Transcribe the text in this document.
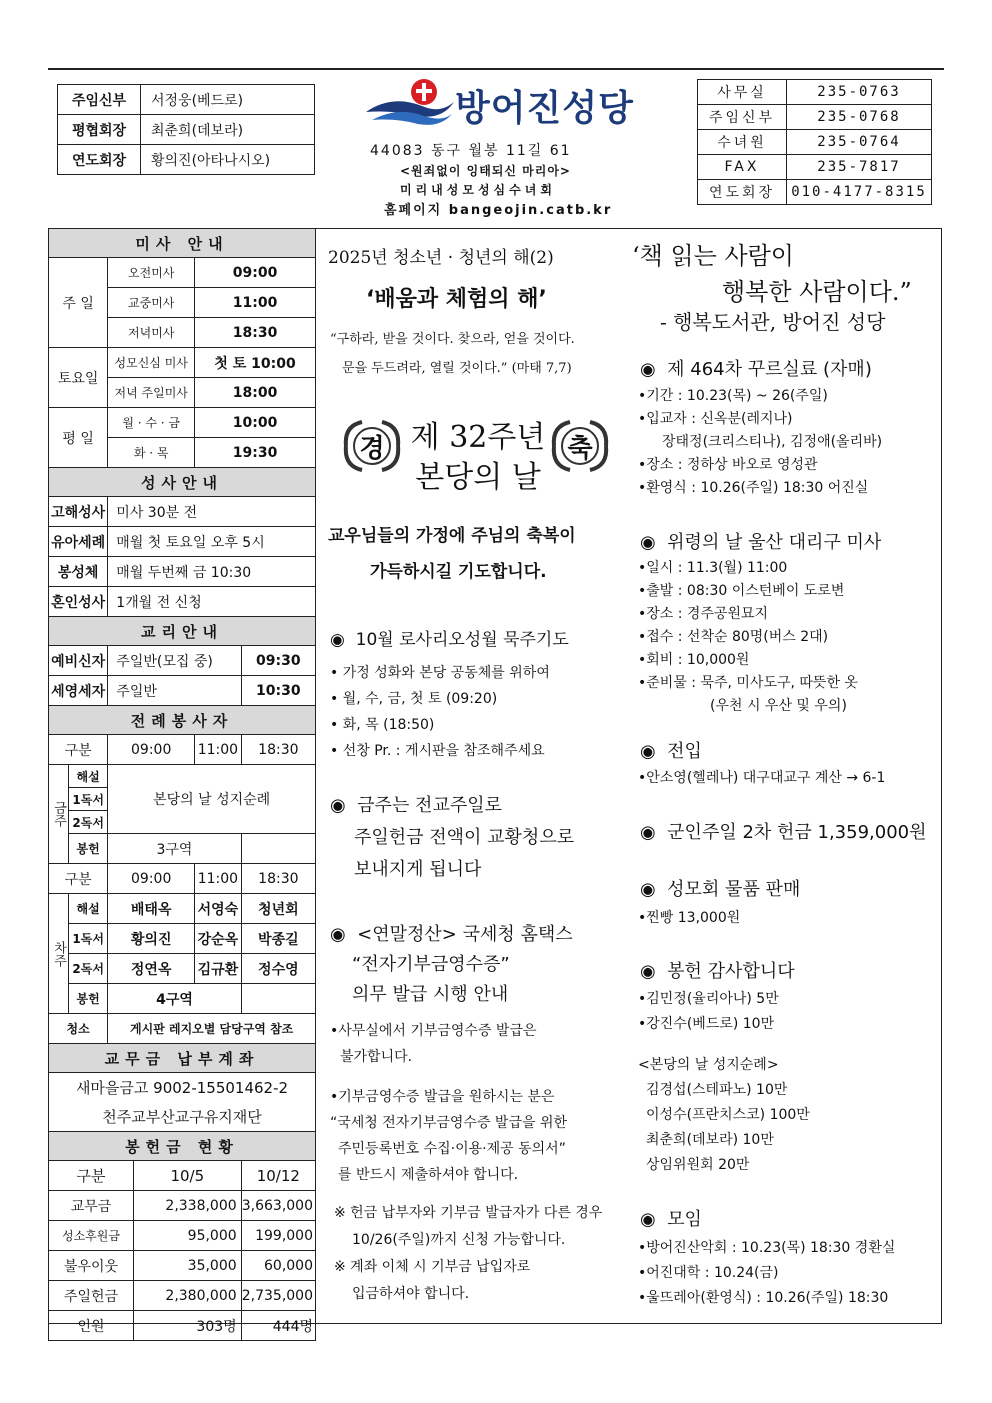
주임신부	서정웅(베드로)
평협회장	최춘희(데보라)
연도회장	황의진(아타나시오)
방어진성당
44083 동구 월봉 11길 61
<원죄없이 잉태되신 마리아>
미리내성모성심수녀회
홈페이지 bangeojin.catb.kr
사무실	235-0763
주임신부	235-0768
수녀원	235-0764
FAX	235-7817
연도회장	010-4177-8315
미사 안내					
주 일		오전미사		09:00	
		교중미사		11:00	
		저녁미사		18:30	
토요일		성모신심 미사		첫 토 10:00	
		저녁 주일미사		18:00	
평 일		월 · 수 · 금		10:00	
		화 · 목		19:30	
성사안내					
고해성사		미사 30분 전			
유아세례		매월 첫 토요일 오후 5시			
봉성체		매월 두번째 금 10:30			
혼인성사		1개월 전 신청			
교리안내					
예비신자		주일반(모집 중)			09:30
세영세자		주일반			10:30
전례봉사자					
구분		09:00		11:00	18:30
금주	해설	본당의 날 성지순례			
	1독서				
	2독서				
	봉헌	3구역			
구분		09:00		11:00	18:30
차주	해설	배태옥		서영숙	청년회
	1독서	황의진		강순옥	박종길
	2독서	정연옥		김규환	정수영
	봉헌	4구역			
청소		게시판 레지오별 담당구역 참조			
교무금 납부계좌					
새마을금고 9002-15501462-2					
천주교부산교구유지재단					
봉헌금 현황					
구분			10/5		10/12
교무금			2,338,000		3,663,000
성소후원금			95,000		199,000
불우이웃			35,000		60,000
주일헌금			2,380,000		2,735,000
인원			303명		444명
2025년 청소년 · 청년의 해(2)
‘배움과 체험의 해’
“구하라, 받을 것이다. 찾으라, 얻을 것이다.
문을 두드려라, 열릴 것이다.” (마태 7,7)
경	축
제 32주년
본당의 날
교우님들의 가정에 주님의 축복이
가득하시길 기도합니다.
◉ 10월 로사리오성월 묵주기도
• 가정 성화와 본당 공동체를 위하여
• 월, 수, 금, 첫 토 (09:20)
• 화, 목 (18:50)
• 선창 Pr. : 게시판을 참조해주세요
◉ 금주는 전교주일로
주일헌금 전액이 교황청으로
보내지게 됩니다
◉ <연말정산> 국세청 홈택스
“전자기부금영수증”
의무 발급 시행 안내
•사무실에서 기부금영수증 발급은
불가합니다.
•기부금영수증 발급을 원하시는 분은
“국세청 전자기부금영수증 발급을 위한
주민등록번호 수집·이용·제공 동의서”
를 반드시 제출하셔야 합니다.
※ 헌금 납부자와 기부금 발급자가 다른 경우
10/26(주일)까지 신청 가능합니다.
※ 계좌 이체 시 기부금 납입자로
입금하셔야 합니다.
‘책 읽는 사람이
행복한 사람이다.”
- 행복도서관, 방어진 성당
◉ 제 464차 꾸르실료 (자매)
•기간 : 10.23(목) ~ 26(주일)
•입교자 : 신옥분(레지나)
장태정(크리스티나), 김정애(올리바)
•장소 : 정하상 바오로 영성관
•환영식 : 10.26(주일) 18:30 어진실
◉ 위령의 날 울산 대리구 미사
•일시 : 11.3(월) 11:00
•출발 : 08:30 이스턴베이 도로변
•장소 : 경주공원묘지
•접수 : 선착순 80명(버스 2대)
•회비 : 10,000원
•준비물 : 묵주, 미사도구, 따뜻한 옷
(우천 시 우산 및 우의)
◉ 전입
•안소영(헬레나) 대구대교구 계산 → 6-1
◉ 군인주일 2차 헌금 1,359,000원
◉ 성모회 물품 판매
•찐빵 13,000원
◉ 봉헌 감사합니다
•김민정(율리아나) 5만
•강진수(베드로) 10만
<본당의 날 성지순례>
김경섭(스테파노) 10만
이성수(프란치스코) 100만
최춘희(데보라) 10만
상임위원회 20만
◉ 모임
•방어진산악회 : 10.23(목) 18:30 경환실
•어진대학 : 10.24(금)
•울뜨레아(환영식) : 10.26(주일) 18:30
